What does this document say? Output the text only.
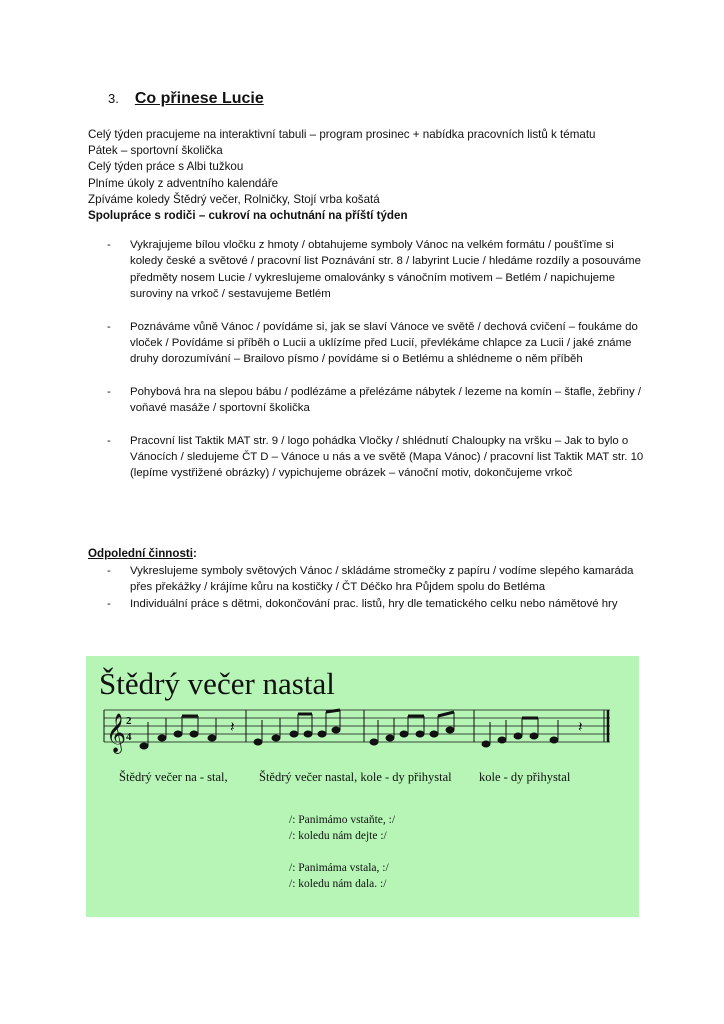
3. Co přinese Lucie
Celý týden pracujeme na interaktivní tabuli – program prosinec + nabídka pracovních listů k tématu
Pátek – sportovní školička
Celý týden práce s Albi tužkou
Plníme úkoly z adventního kalendáře
Zpíváme koledy Štědrý večer, Rolničky, Stojí vrba košatá
Spolupráce s rodiči – cukroví na ochutnání na příští týden
- Vykrajujeme bílou vločku z hmoty / obtahujeme symboly Vánoc na velkém formátu / poušťíme si koledy české a světové / pracovní list Poznávání str. 8 / labyrint Lucie / hledáme rozdíly a posouváme předměty nosem Lucie / vykreslujeme omalovánky s vánočním motivem – Betlém / napichujeme suroviny na vrkoč / sestavujeme Betlém
- Poznáváme vůně Vánoc / povídáme si, jak se slaví Vánoce ve světě / dechová cvičení – foukáme do vloček / Povídáme si příběh o Lucii a uklízíme před Lucií, převlékáme chlapce za Lucii / jaké známe druhy dorozumívání – Brailovo písmo / povídáme si o Betlému a shlédneme o něm příběh
- Pohybová hra na slepou bábu / podlézáme a přelézáme nábytek / lezeme na komín – štafle, žebřiny / voňavé masáže / sportovní školička
- Pracovní list Taktik MAT str. 9 / logo pohádka Vločky / shlédnutí Chaloupky na vršku – Jak to bylo o Vánocích / sledujeme ČT D – Vánoce u nás a ve světě (Mapa Vánoc) / pracovní list Taktik MAT str. 10 (lepíme vystřižené obrázky) / vypichujeme obrázek – vánoční motiv, dokončujeme vrkoč
Odpolední činnosti:
- Vykreslujeme symboly světových Vánoc / skládáme stromečky z papíru / vodíme slepého kamaráda přes překážky / krájíme kůru na kostičky / ČT Déčko hra Půjdem spolu do Betléma
- Individuální práce s dětmi, dokončování prac. listů, hry dle tematického celku nebo námětové hry
Štědrý večer nastal
𝄞 2
4
𝄽	𝄽
Štědrý večer na - stal,	Štědrý večer nastal, kole - dy přihystal kole - dy přihystal
/: Panimámo vstaňte, :/
/: koledu nám dejte :/
/: Panimáma vstala, :/
/: koledu nám dala. :/
